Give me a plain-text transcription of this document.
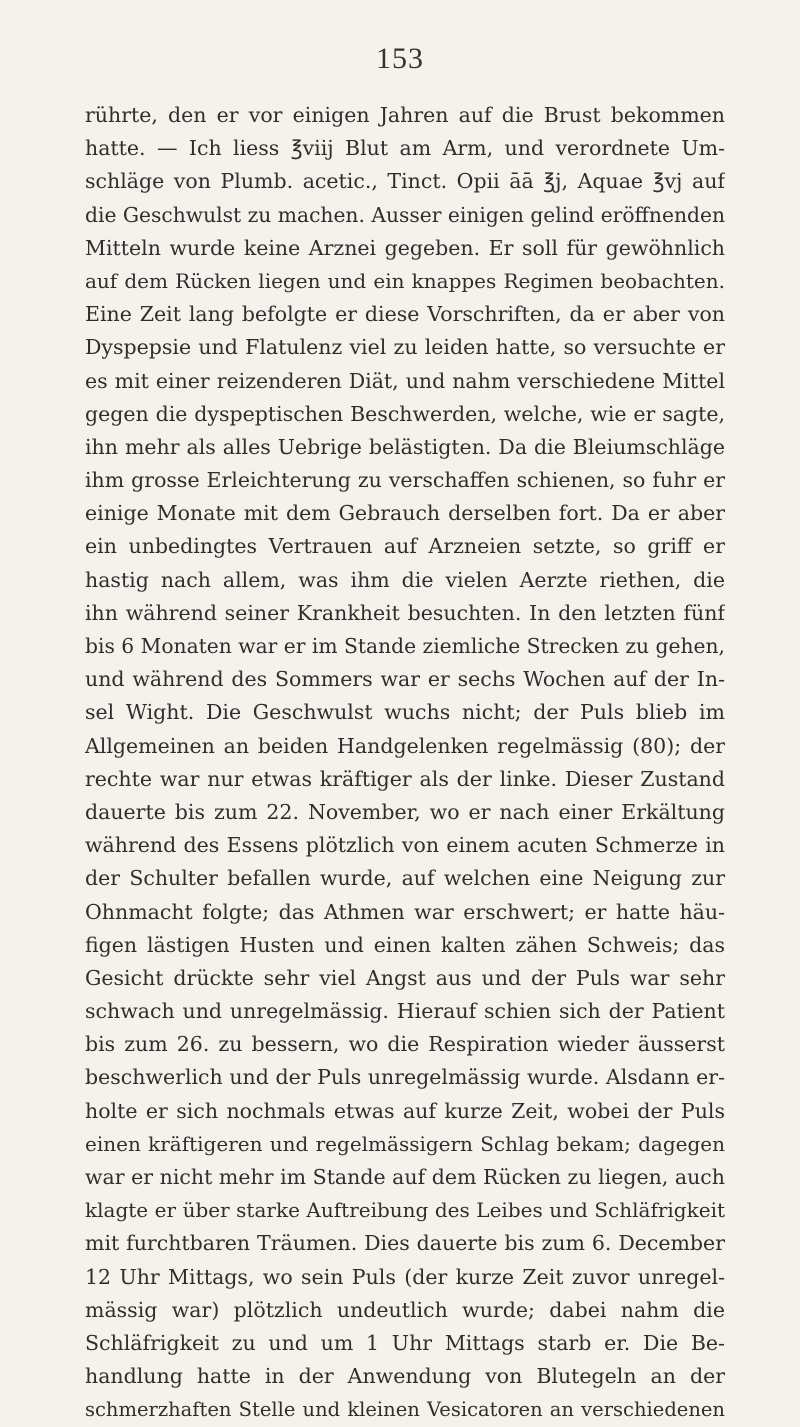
153
rührte, den er vor einigen Jahren auf die Brust bekommen
hatte. — Ich liess ℥viij Blut am Arm, und verordnete Um-
schläge von Plumb. acetic., Tinct. Opii āā ℥j, Aquae ℥vj auf
die Geschwulst zu machen. Ausser einigen gelind eröffnenden
Mitteln wurde keine Arznei gegeben. Er soll für gewöhnlich
auf dem Rücken liegen und ein knappes Regimen beobachten.
Eine Zeit lang befolgte er diese Vorschriften, da er aber von
Dyspepsie und Flatulenz viel zu leiden hatte, so versuchte er
es mit einer reizenderen Diät, und nahm verschiedene Mittel
gegen die dyspeptischen Beschwerden, welche, wie er sagte,
ihn mehr als alles Uebrige belästigten. Da die Bleiumschläge
ihm grosse Erleichterung zu verschaffen schienen, so fuhr er
einige Monate mit dem Gebrauch derselben fort. Da er aber
ein unbedingtes Vertrauen auf Arzneien setzte, so griff er
hastig nach allem, was ihm die vielen Aerzte riethen, die
ihn während seiner Krankheit besuchten. In den letzten fünf
bis 6 Monaten war er im Stande ziemliche Strecken zu gehen,
und während des Sommers war er sechs Wochen auf der In-
sel Wight. Die Geschwulst wuchs nicht; der Puls blieb im
Allgemeinen an beiden Handgelenken regelmässig (80); der
rechte war nur etwas kräftiger als der linke. Dieser Zustand
dauerte bis zum 22. November, wo er nach einer Erkältung
während des Essens plötzlich von einem acuten Schmerze in
der Schulter befallen wurde, auf welchen eine Neigung zur
Ohnmacht folgte; das Athmen war erschwert; er hatte häu-
figen lästigen Husten und einen kalten zähen Schweis; das
Gesicht drückte sehr viel Angst aus und der Puls war sehr
schwach und unregelmässig. Hierauf schien sich der Patient
bis zum 26. zu bessern, wo die Respiration wieder äusserst
beschwerlich und der Puls unregelmässig wurde. Alsdann er-
holte er sich nochmals etwas auf kurze Zeit, wobei der Puls
einen kräftigeren und regelmässigern Schlag bekam; dagegen
war er nicht mehr im Stande auf dem Rücken zu liegen, auch
klagte er über starke Auftreibung des Leibes und Schläfrigkeit
mit furchtbaren Träumen. Dies dauerte bis zum 6. December
12 Uhr Mittags, wo sein Puls (der kurze Zeit zuvor unregel-
mässig war) plötzlich undeutlich wurde; dabei nahm die
Schläfrigkeit zu und um 1 Uhr Mittags starb er. Die Be-
handlung hatte in der Anwendung von Blutegeln an der
schmerzhaften Stelle und kleinen Vesicatoren an verschiedenen
